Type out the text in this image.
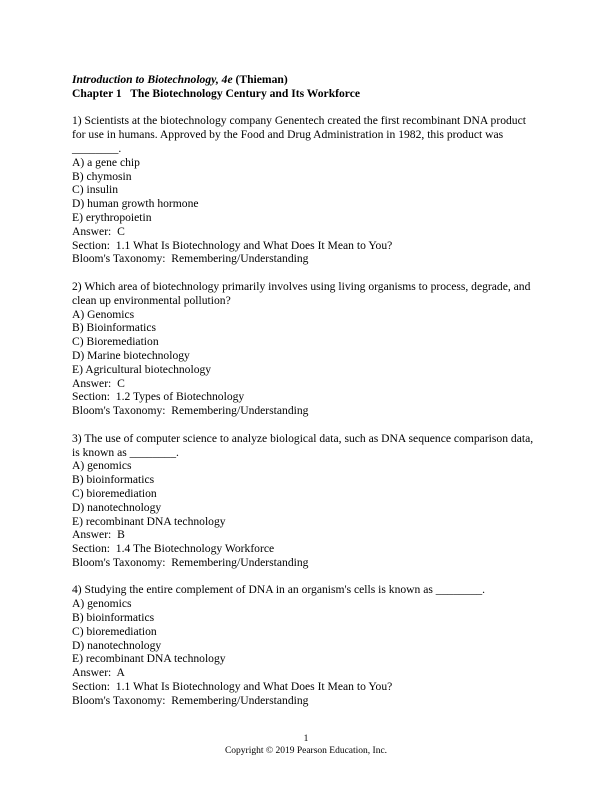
Introduction to Biotechnology, 4e (Thieman)
Chapter 1   The Biotechnology Century and Its Workforce
1) Scientists at the biotechnology company Genentech created the first recombinant DNA product for use in humans. Approved by the Food and Drug Administration in 1982, this product was ________.
A) a gene chip
B) chymosin
C) insulin
D) human growth hormone
E) erythropoietin
Answer:  C
Section:  1.1 What Is Biotechnology and What Does It Mean to You?
Bloom's Taxonomy:  Remembering/Understanding
2) Which area of biotechnology primarily involves using living organisms to process, degrade, and clean up environmental pollution?
A) Genomics
B) Bioinformatics
C) Bioremediation
D) Marine biotechnology
E) Agricultural biotechnology
Answer:  C
Section:  1.2 Types of Biotechnology
Bloom's Taxonomy:  Remembering/Understanding
3) The use of computer science to analyze biological data, such as DNA sequence comparison data, is known as ________.
A) genomics
B) bioinformatics
C) bioremediation
D) nanotechnology
E) recombinant DNA technology
Answer:  B
Section:  1.4 The Biotechnology Workforce
Bloom's Taxonomy:  Remembering/Understanding
4) Studying the entire complement of DNA in an organism's cells is known as ________.
A) genomics
B) bioinformatics
C) bioremediation
D) nanotechnology
E) recombinant DNA technology
Answer:  A
Section:  1.1 What Is Biotechnology and What Does It Mean to You?
Bloom's Taxonomy:  Remembering/Understanding
1
Copyright © 2019 Pearson Education, Inc.
